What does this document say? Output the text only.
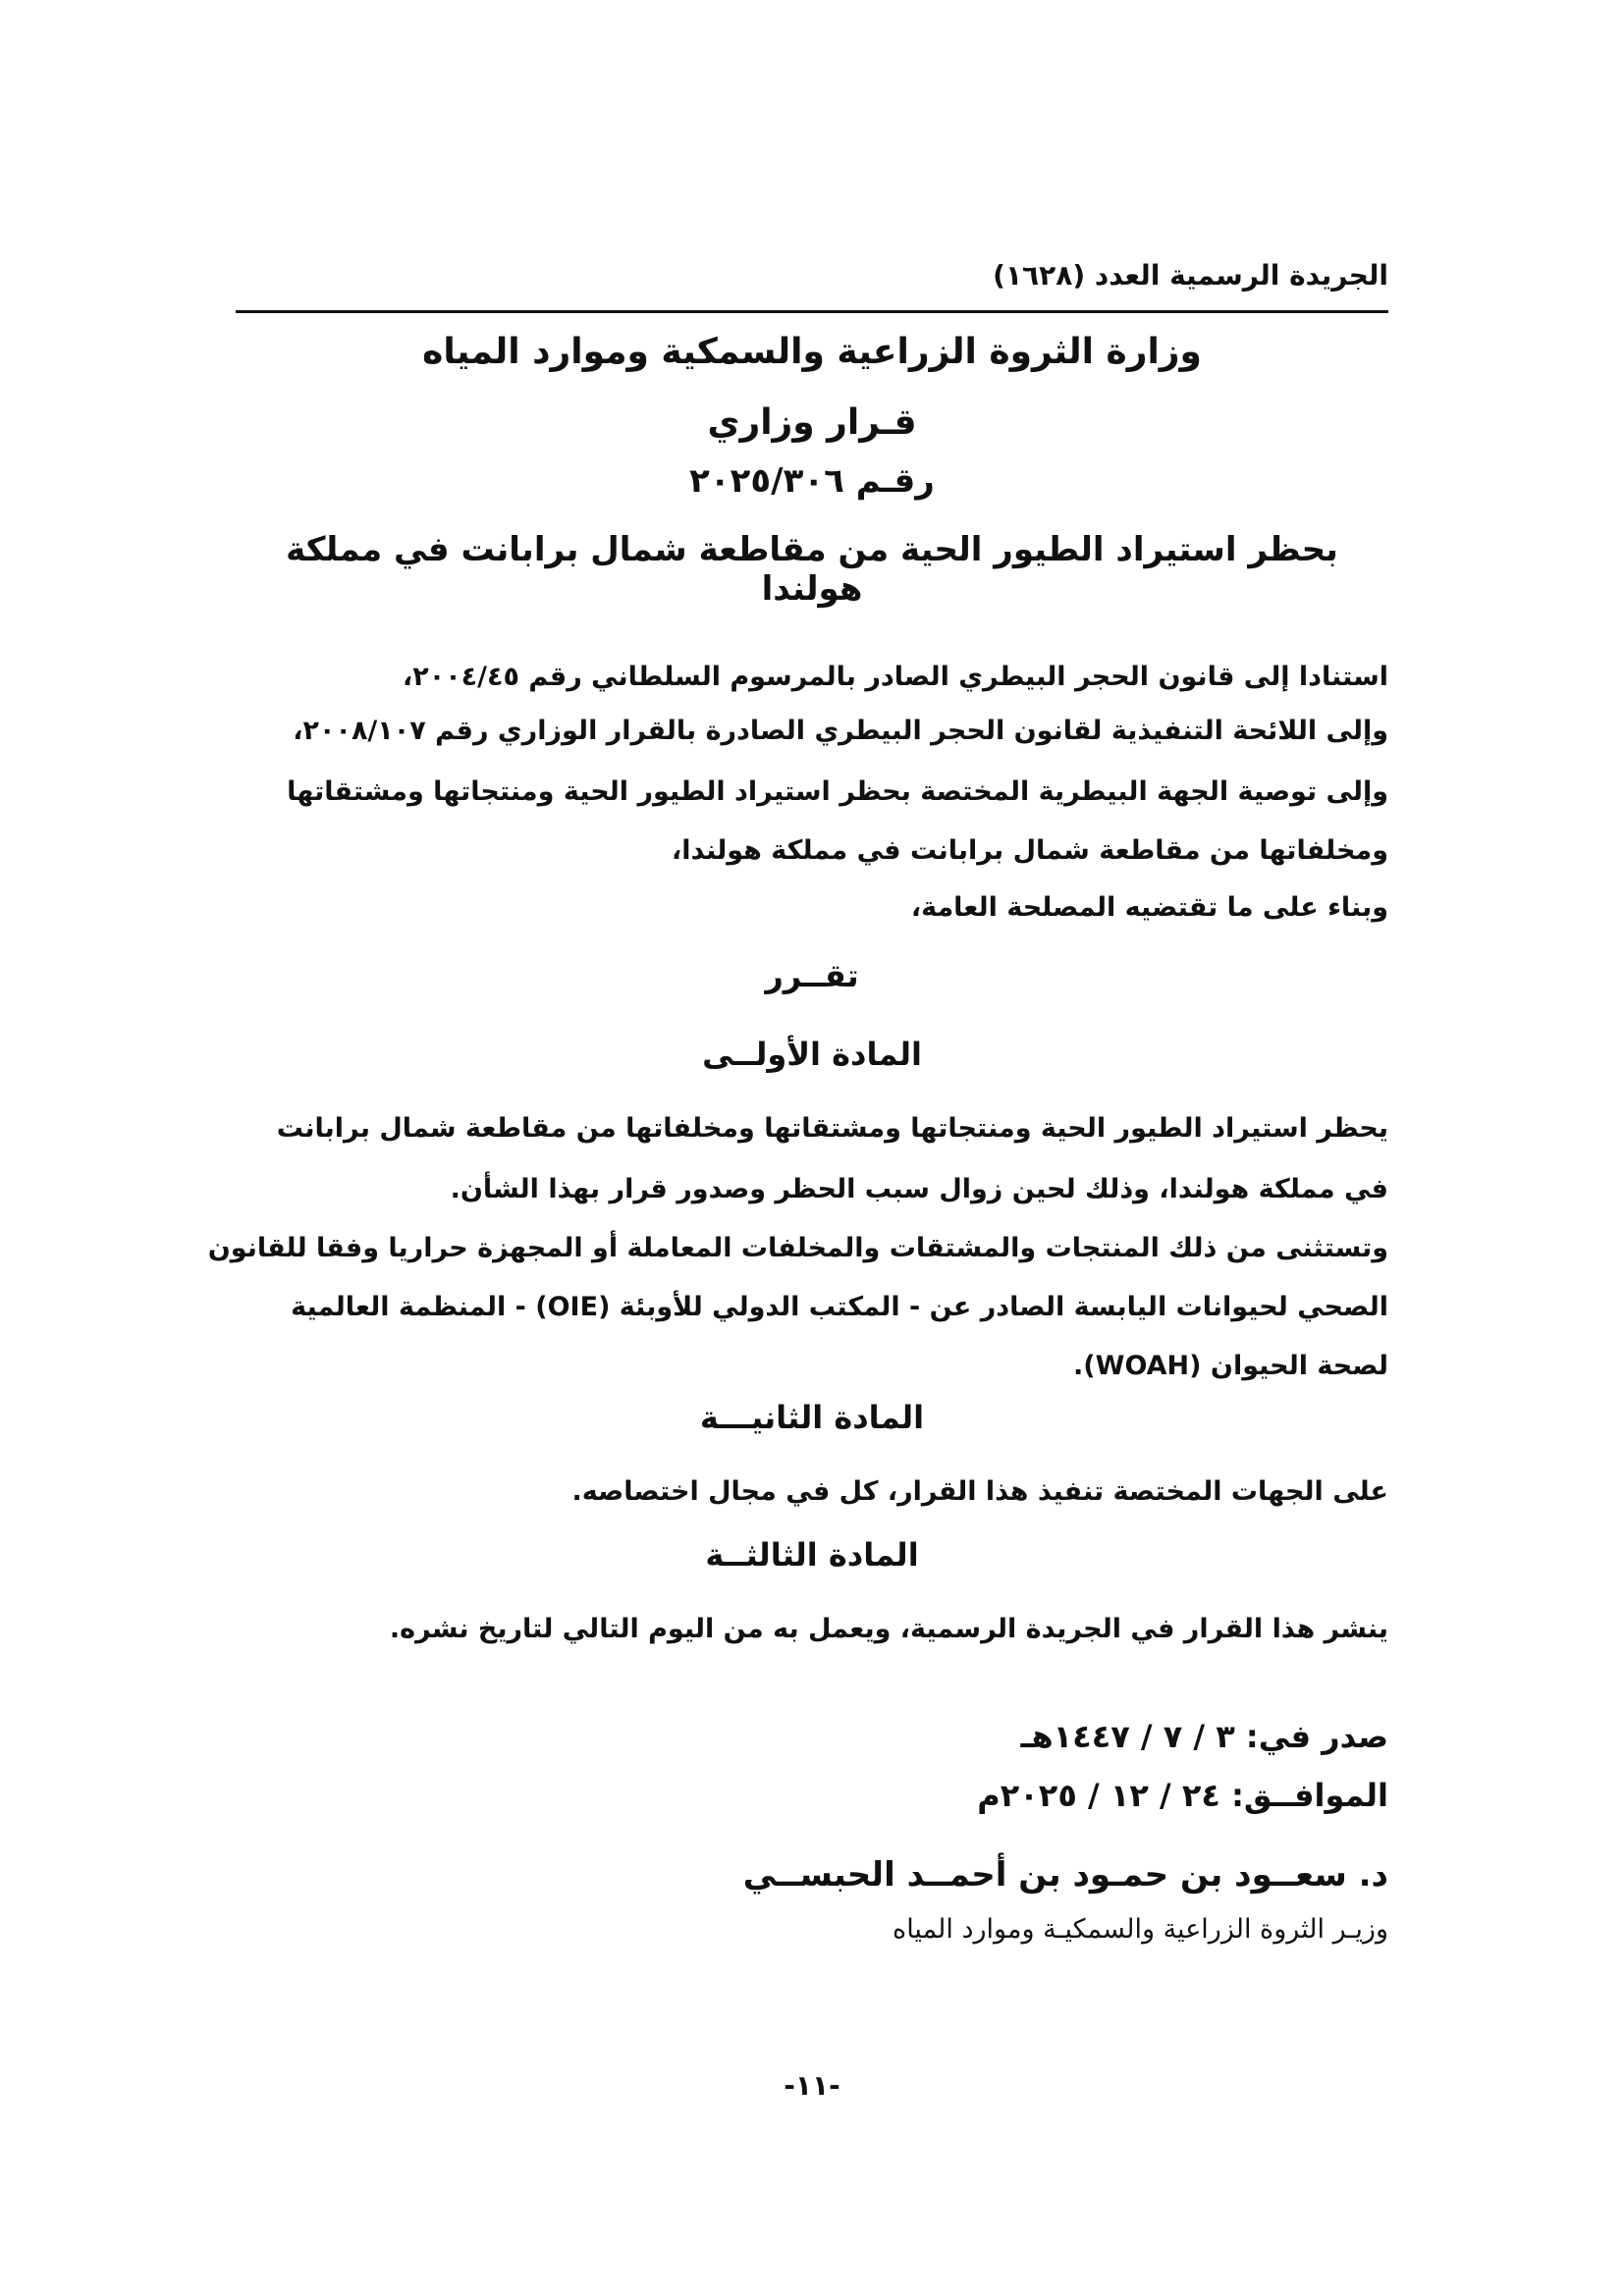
الجريدة الرسمية العدد (١٦٢٨)
وزارة الثروة الزراعية والسمكية وموارد المياه
قـرار وزاري
رقـم ٢٠٢٥/٣٠٦
بحظر استيراد الطيور الحية من مقاطعة شمال برابانت في مملكة هولندا
استنادا إلى قانون الحجر البيطري الصادر بالمرسوم السلطاني رقم ٢٠٠٤/٤٥،
وإلى اللائحة التنفيذية لقانون الحجر البيطري الصادرة بالقرار الوزاري رقم ٢٠٠٨/١٠٧،
وإلى توصية الجهة البيطرية المختصة بحظر استيراد الطيور الحية ومنتجاتها ومشتقاتها
ومخلفاتها من مقاطعة شمال برابانت في مملكة هولندا،
وبناء على ما تقتضيه المصلحة العامة،
تقــرر
المادة الأولــى
يحظر استيراد الطيور الحية ومنتجاتها ومشتقاتها ومخلفاتها من مقاطعة شمال برابانت
في مملكة هولندا، وذلك لحين زوال سبب الحظر وصدور قرار بهذا الشأن.
وتستثنى من ذلك المنتجات والمشتقات والمخلفات المعاملة أو المجهزة حراريا وفقا للقانون
الصحي لحيوانات اليابسة الصادر عن - المكتب الدولي للأوبئة (OIE) - المنظمة العالمية
لصحة الحيوان (WOAH).
المادة الثانيـــة
على الجهات المختصة تنفيذ هذا القرار، كل في مجال اختصاصه.
المادة الثالثــة
ينشر هذا القرار في الجريدة الرسمية، ويعمل به من اليوم التالي لتاريخ نشره.
صدر في: ٣ / ٧ / ١٤٤٧هـ
الموافــق: ٢٤ / ١٢ / ٢٠٢٥م
د. سعــود بن حمـود بن أحمــد الحبســي
وزيـر الثروة الزراعية والسمكيـة وموارد المياه
-١١-
